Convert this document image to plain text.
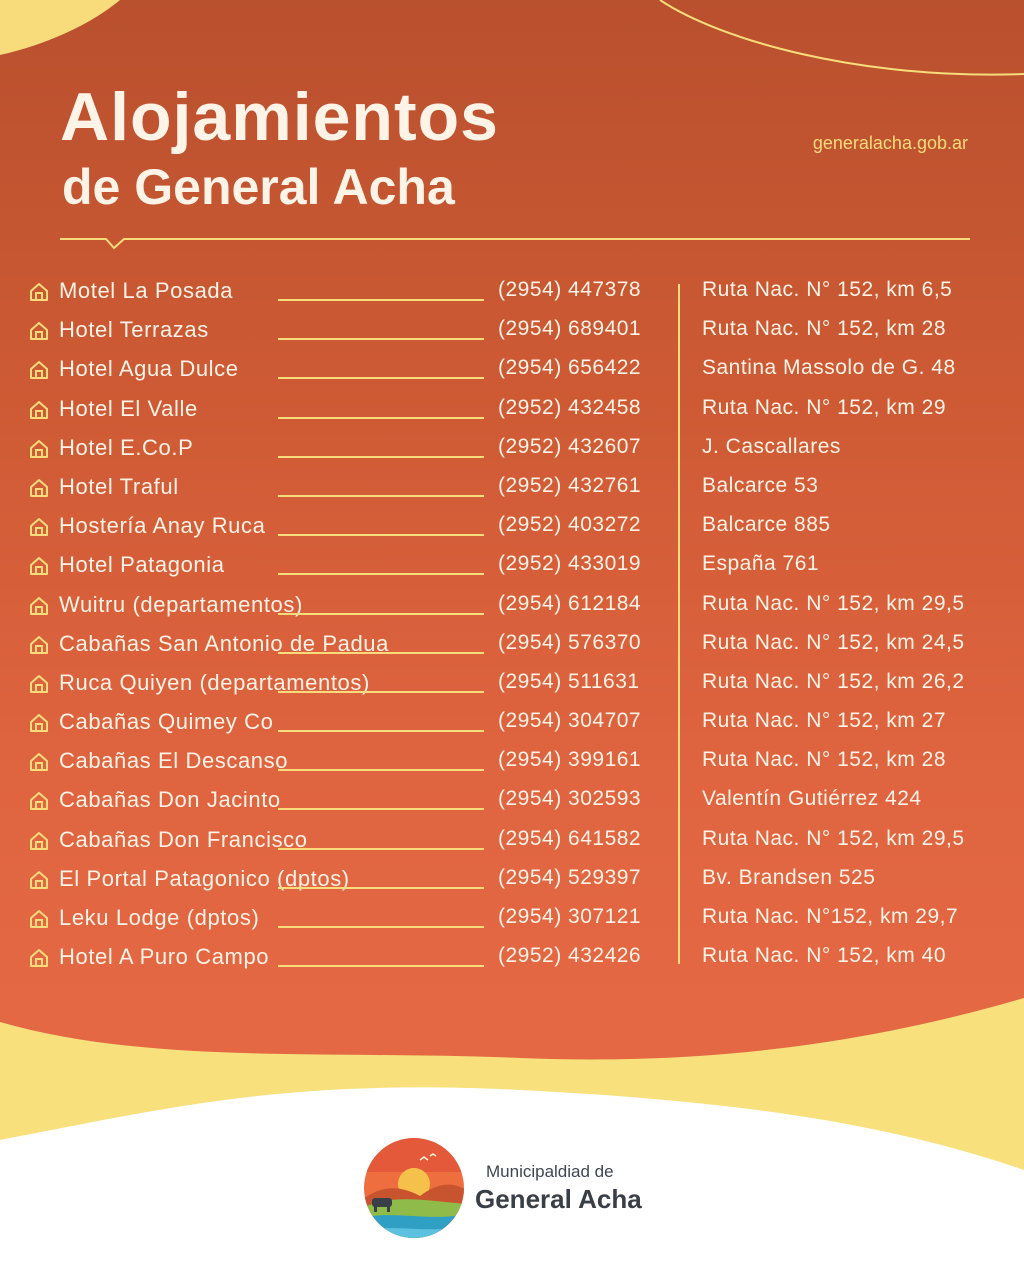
Alojamientos
de General Acha
generalacha.gob.ar
Motel La Posada	(2954) 447378	Ruta Nac. N° 152, km 6,5
Hotel Terrazas	(2954) 689401	Ruta Nac. N° 152, km 28
Hotel Agua Dulce	(2954) 656422	Santina Massolo de G. 48
Hotel El Valle	(2952) 432458	Ruta Nac. N° 152, km 29
Hotel E.Co.P	(2952) 432607	J. Cascallares
Hotel Traful	(2952) 432761	Balcarce 53
Hostería Anay Ruca	(2952) 403272	Balcarce 885
Hotel Patagonia	(2952) 433019	España 761
Wuitru (departamentos)	(2954) 612184	Ruta Nac. N° 152, km 29,5
Cabañas San Antonio de Padua	(2954) 576370	Ruta Nac. N° 152, km 24,5
Ruca Quiyen (departamentos)	(2954) 511631	Ruta Nac. N° 152, km 26,2
Cabañas Quimey Co	(2954) 304707	Ruta Nac. N° 152, km 27
Cabañas El Descanso	(2954) 399161	Ruta Nac. N° 152, km 28
Cabañas Don Jacinto	(2954) 302593	Valentín Gutiérrez 424
Cabañas Don Francisco	(2954) 641582	Ruta Nac. N° 152, km 29,5
El Portal Patagonico (dptos)	(2954) 529397	Bv. Brandsen 525
Leku Lodge (dptos)	(2954) 307121	Ruta Nac. N°152, km 29,7
Hotel A Puro Campo	(2952) 432426	Ruta Nac. N° 152, km 40
Municipaldiad de
General Acha
